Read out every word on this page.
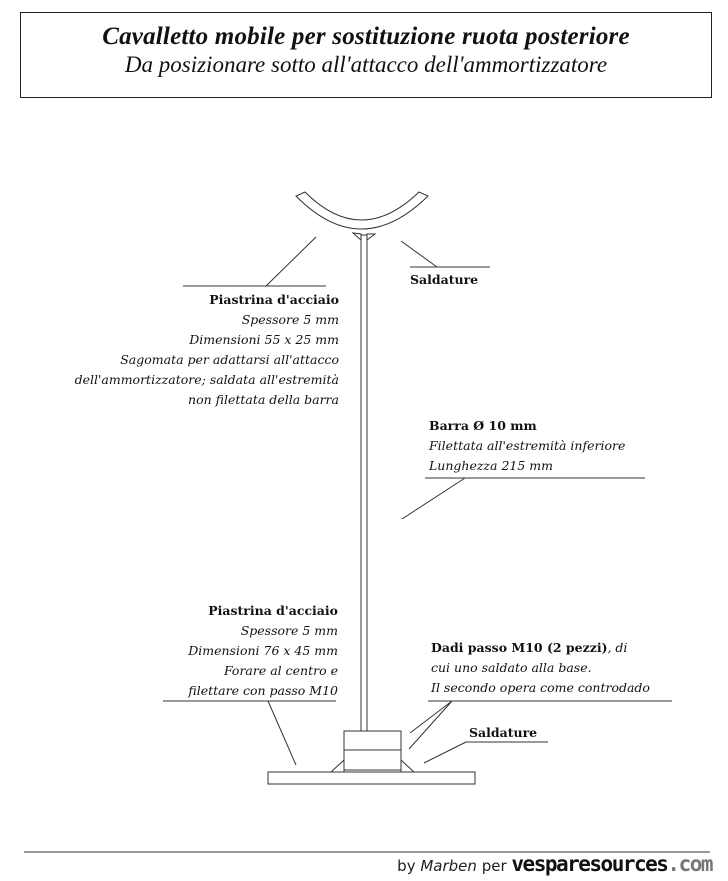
Cavalletto mobile per sostituzione ruota posteriore
Da posizionare sotto all'attacco dell'ammortizzatore
Piastrina d'acciaio
Spessore 5 mm
Dimensioni 55 x 25 mm
Sagomata per adattarsi all'attacco
dell'ammortizzatore; saldata all'estremità
non filettata della barra
Saldature
Barra Ø 10 mm
Filettata all'estremità inferiore
Lunghezza 215 mm
Piastrina d'acciaio
Spessore 5 mm
Dimensioni 76 x 45 mm
Forare al centro e
filettare con passo M10
Dadi passo M10 (2 pezzi), di
cui uno saldato alla base.
Il secondo opera come controdado
Saldature
by Marben per vesparesources.com
